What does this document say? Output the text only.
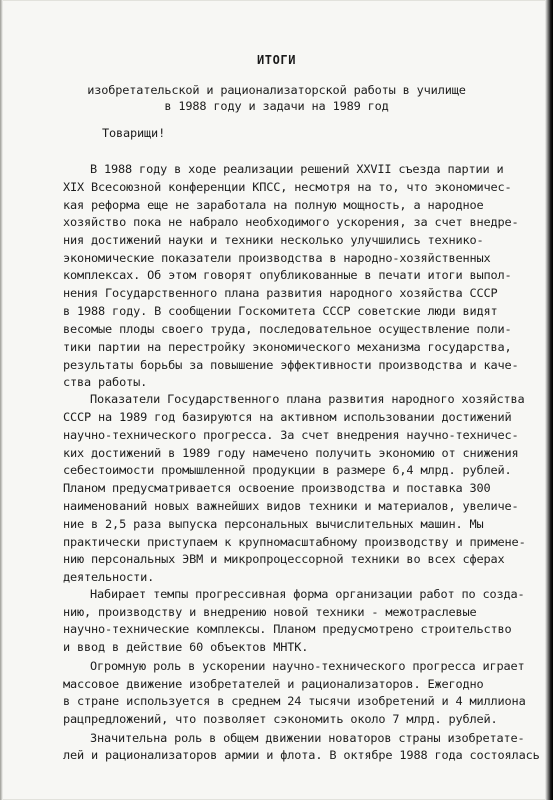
ИТОГИ
изобретательской и рационализаторской работы в училище
в 1988 году и задачи на 1989 год
Товарищи!
В 1988 году в ходе реализации решений XXVII съезда партии и
XIX Всесоюзной конференции КПСС, несмотря на то, что экономичес-
кая реформа еще не заработала на полную мощность, а народное
хозяйство пока не набрало необходимого ускорения, за счет внедре-
ния достижений науки и техники несколько улучшились технико-
экономические показатели производства в народно-хозяйственных
комплексах. Об этом говорят опубликованные в печати итоги выпол-
нения Государственного плана развития народного хозяйства СССР
в 1988 году. В сообщении Госкомитета СССР советские люди видят
весомые плоды своего труда, последовательное осуществление поли-
тики партии на перестройку экономического механизма государства,
результаты борьбы за повышение эффективности производства и каче-
ства работы.
Показатели Государственного плана развития народного хозяйства
СССР на 1989 год базируются на активном использовании достижений
научно-технического прогресса. За счет внедрения научно-техничес-
ких достижений в 1989 году намечено получить экономию от снижения
себестоимости промышленной продукции в размере 6,4 млрд. рублей.
Планом предусматривается освоение производства и поставка 300
наименований новых важнейших видов техники и материалов, увеличе-
ние в 2,5 раза выпуска персональных вычислительных машин. Мы
практически приступаем к крупномасштабному производству и примене-
нию персональных ЭВМ и микропроцессорной техники во всех сферах
деятельности.
Набирает темпы прогрессивная форма организации работ по созда-
нию, производству и внедрению новой техники - межотраслевые
научно-технические комплексы. Планом предусмотрено строительство
и ввод в действие 60 объектов МНТК.
Огромную роль в ускорении научно-технического прогресса играет
массовое движение изобретателей и рационализаторов. Ежегодно
в стране используется в среднем 24 тысячи изобретений и 4 миллиона
рацпредложений, что позволяет сэкономить около 7 млрд. рублей.
Значительна роль в общем движении новаторов страны изобретате-
лей и рационализаторов армии и флота. В октябре 1988 года состоялась
